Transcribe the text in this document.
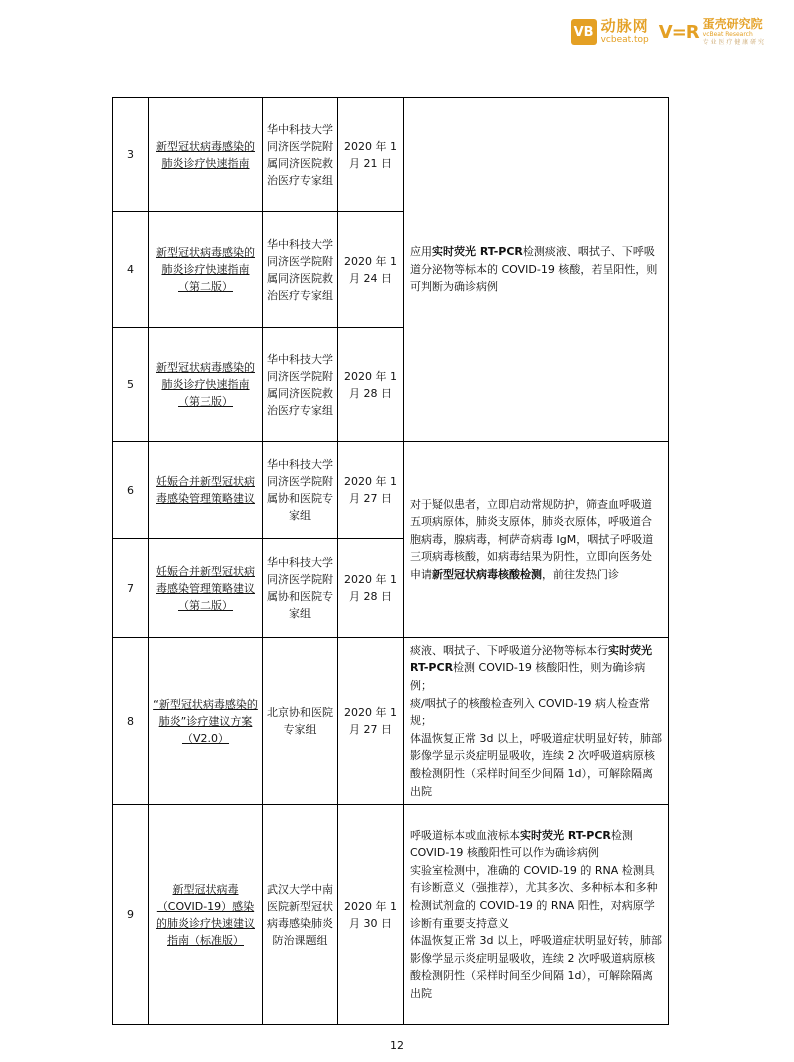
VB 动脉网
vcbeat.top V=R 蛋壳研究院
vcBeat Research
专 业 医 疗 健 康 研 究
3	新型冠状病毒感染的肺炎诊疗快速指南	华中科技大学同济医学院附属同济医院救治医疗专家组	2020 年 1 月 21 日	应用实时荧光 RT-PCR检测痰液、咽拭子、下呼吸道分泌物等标本的 COVID-19 核酸，若呈阳性，则可判断为确诊病例
4	新型冠状病毒感染的肺炎诊疗快速指南（第二版）	华中科技大学同济医学院附属同济医院救治医疗专家组	2020 年 1 月 24 日	
5	新型冠状病毒感染的肺炎诊疗快速指南（第三版）	华中科技大学同济医学院附属同济医院救治医疗专家组	2020 年 1 月 28 日	
6	妊娠合并新型冠状病毒感染管理策略建议	华中科技大学同济医学院附属协和医院专家组	2020 年 1 月 27 日	对于疑似患者，立即启动常规防护，筛查血呼吸道五项病原体，肺炎支原体，肺炎衣原体，呼吸道合胞病毒，腺病毒，柯萨奇病毒 IgM，咽拭子呼吸道三项病毒核酸，如病毒结果为阴性，立即向医务处申请新型冠状病毒核酸检测，前往发热门诊
7	妊娠合并新型冠状病毒感染管理策略建议（第二版）	华中科技大学同济医学院附属协和医院专家组	2020 年 1 月 28 日	
8	“新型冠状病毒感染的肺炎”诊疗建议方案（V2.0）	北京协和医院专家组	2020 年 1 月 27 日	痰液、咽拭子、下呼吸道分泌物等标本行实时荧光 RT-PCR检测 COVID-19 核酸阳性，则为确诊病例；
痰/咽拭子的核酸检查列入 COVID-19 病人检查常规；
体温恢复正常 3d 以上，呼吸道症状明显好转，肺部影像学显示炎症明显吸收，连续 2 次呼吸道病原核酸检测阴性（采样时间至少间隔 1d），可解除隔离出院
9	新型冠状病毒（COVID-19）感染的肺炎诊疗快速建议指南（标准版）	武汉大学中南医院新型冠状病毒感染肺炎防治课题组	2020 年 1 月 30 日	呼吸道标本或血液标本实时荧光 RT-PCR检测 COVID-19 核酸阳性可以作为确诊病例
实验室检测中，准确的 COVID-19 的 RNA 检测具有诊断意义（强推荐），尤其多次、多种标本和多种检测试剂盒的 COVID-19 的 RNA 阳性，对病原学诊断有重要支持意义
体温恢复正常 3d 以上，呼吸道症状明显好转，肺部影像学显示炎症明显吸收，连续 2 次呼吸道病原核酸检测阴性（采样时间至少间隔 1d），可解除隔离出院
12
